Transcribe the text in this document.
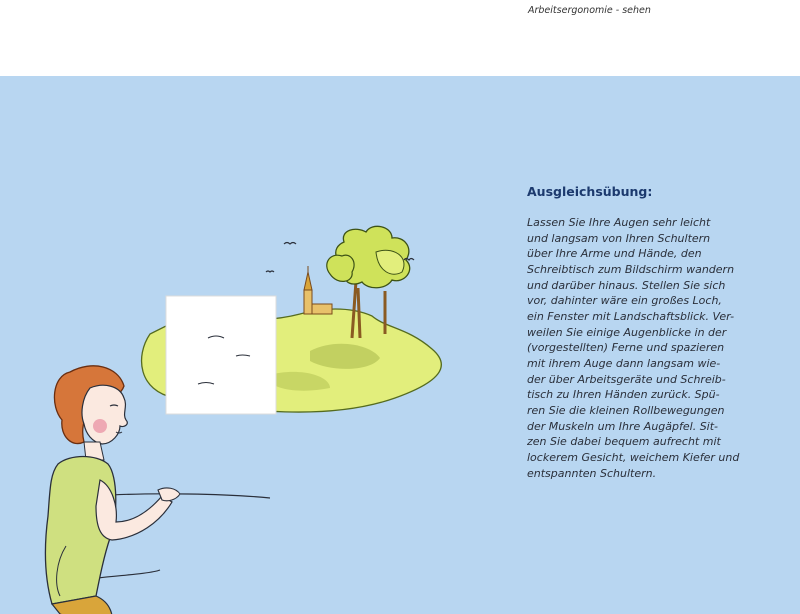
Arbeitsergonomie - sehen
Ausgleichsübung:
Lassen Sie Ihre Augen sehr leicht
und langsam von Ihren Schultern
über Ihre Arme und Hände, den
Schreibtisch zum Bildschirm wandern
und darüber hinaus. Stellen Sie sich
vor, dahinter wäre ein großes Loch,
ein Fenster mit Landschaftsblick. Ver-
weilen Sie einige Augenblicke in der
(vorgestellten) Ferne und spazieren
mit ihrem Auge dann langsam wie-
der über Arbeitsgeräte und Schreib-
tisch zu Ihren Händen zurück. Spü-
ren Sie die kleinen Rollbewegungen
der Muskeln um Ihre Augäpfel. Sit-
zen Sie dabei bequem aufrecht mit
lockerem Gesicht, weichem Kiefer und
entspannten Schultern.
